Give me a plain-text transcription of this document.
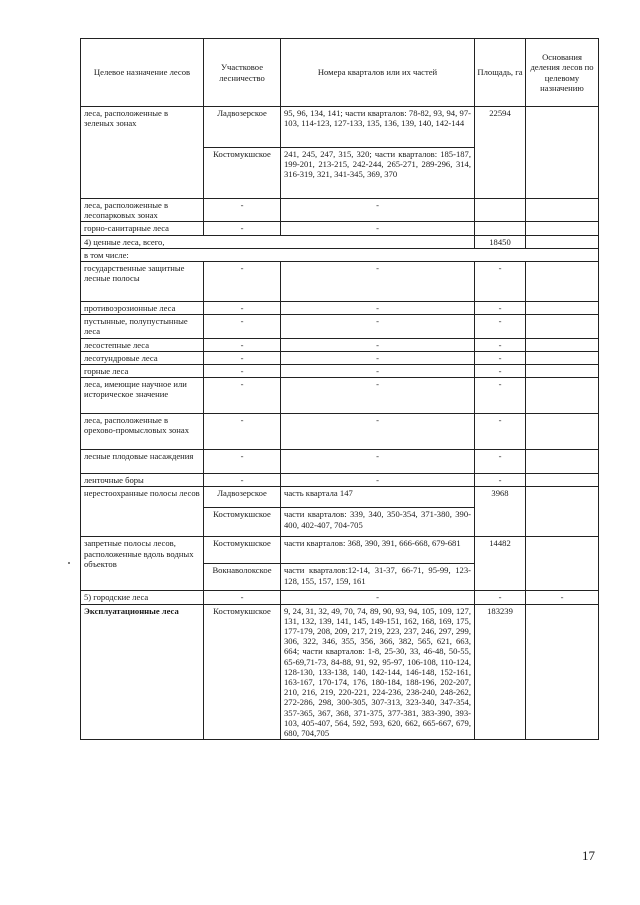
Целевое назначение лесов	Участковое лесничество	Номера кварталов или их частей	Площадь, га	Основания деления лесов по целевому назначению
леса, расположенные в зеленых зонах	Ладвозерское	95, 96, 134, 141; части кварталов: 78-82, 93, 94, 97-103, 114-123, 127-133, 135, 136, 139, 140, 142-144	22594	
	Костомукшское	241, 245, 247, 315, 320; части кварталов: 185-187, 199-201, 213-215, 242-244, 265-271, 289-296, 314, 316-319, 321, 341-345, 369, 370		
леса, расположенные в лесопарковых зонах	-	-		
горно-санитарные леса	-	-		
4) ценные леса, всего,			18450	
в том числе:				
государственные защитные лесные полосы	-	-	-	
противоэрозионные леса	-	-	-	
пустынные, полупустынные леса	-	-	-	
лесостепные леса	-	-	-	
лесотундровые леса	-	-	-	
горные леса	-	-	-	
леса, имеющие научное или историческое значение	-	-	-	
леса, расположенные в орехово-промысловых зонах	-	-	-	
лесные плодовые насаждения	-	-	-	
ленточные боры	-	-	-	
нерестоохранные полосы лесов	Ладвозерское	часть квартала 147	3968	
	Костомукшское	части кварталов: 339, 340, 350-354, 371-380, 390-400, 402-407, 704-705		
запретные полосы лесов, расположенные вдоль водных объектов	Костомукшское	части кварталов: 368, 390, 391, 666-668, 679-681	14482	
	Вокнаволокское	части кварталов:12-14, 31-37, 66-71, 95-99, 123-128, 155, 157, 159, 161		
5) городские леса	-	-	-	-
Эксплуатационные леса	Костомукшское	9, 24, 31, 32, 49, 70, 74, 89, 90, 93, 94, 105, 109, 127, 131, 132, 139, 141, 145, 149-151, 162, 168, 169, 175, 177-179, 208, 209, 217, 219, 223, 237, 246, 297, 299, 306, 322, 346, 355, 356, 366, 382, 565, 621, 663, 664; части кварталов: 1-8, 25-30, 33, 46-48, 50-55, 65-69,71-73, 84-88, 91, 92, 95-97, 106-108, 110-124, 128-130, 133-138, 140, 142-144, 146-148, 152-161, 163-167, 170-174, 176, 180-184, 188-196, 202-207, 210, 216, 219, 220-221, 224-236, 238-240, 248-262, 272-286, 298, 300-305, 307-313, 323-340, 347-354, 357-365, 367, 368, 371-375, 377-381, 383-390, 393-103, 405-407, 564, 592, 593, 620, 662, 665-667, 679, 680, 704,705	183239	
17
